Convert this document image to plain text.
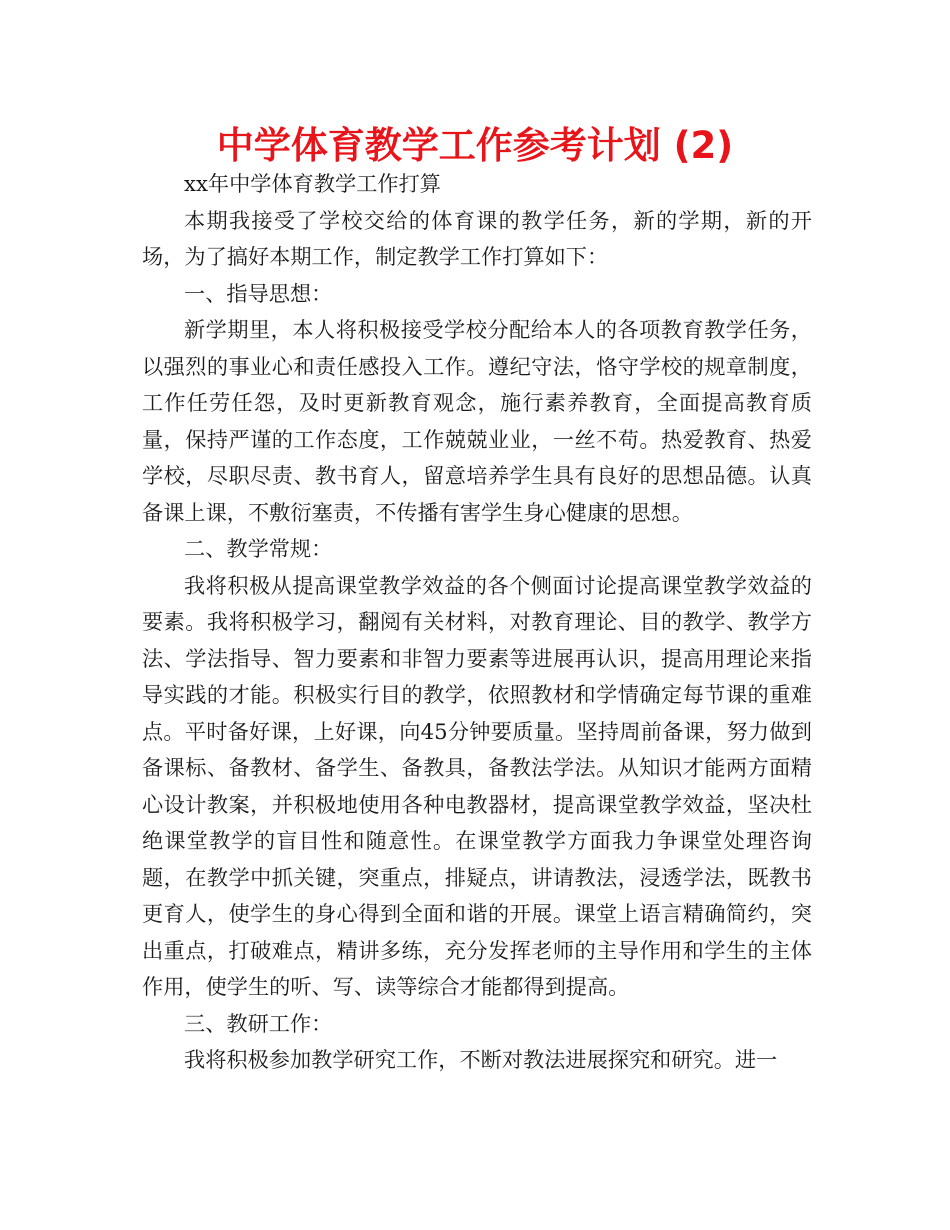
中学体育教学工作参考计划 (2)

xx年中学体育教学工作打算

本期我接受了学校交给的体育课的教学任务，新的学期，新的开场，为了搞好本期工作，制定教学工作打算如下：

一、指导思想：

新学期里，本人将积极接受学校分配给本人的各项教育教学任务，以强烈的事业心和责任感投入工作。遵纪守法，恪守学校的规章制度，工作任劳任怨，及时更新教育观念，施行素养教育，全面提高教育质量，保持严谨的工作态度，工作兢兢业业，一丝不苟。热爱教育、热爱学校，尽职尽责、教书育人，留意培养学生具有良好的思想品德。认真备课上课，不敷衍塞责，不传播有害学生身心健康的思想。

二、教学常规：

我将积极从提高课堂教学效益的各个侧面讨论提高课堂教学效益的要素。我将积极学习，翻阅有关材料，对教育理论、目的教学、教学方法、学法指导、智力要素和非智力要素等进展再认识，提高用理论来指导实践的才能。积极实行目的教学，依照教材和学情确定每节课的重难点。平时备好课，上好课，向45分钟要质量。坚持周前备课，努力做到备课标、备教材、备学生、备教具，备教法学法。从知识才能两方面精心设计教案，并积极地使用各种电教器材，提高课堂教学效益，坚决杜绝课堂教学的盲目性和随意性。在课堂教学方面我力争课堂处理咨询题，在教学中抓关键，突重点，排疑点，讲请教法，浸透学法，既教书更育人，使学生的身心得到全面和谐的开展。课堂上语言精确简约，突出重点，打破难点，精讲多练，充分发挥老师的主导作用和学生的主体作用，使学生的听、写、读等综合才能都得到提高。

三、教研工作：

我将积极参加教学研究工作，不断对教法进展探究和研究。进一
